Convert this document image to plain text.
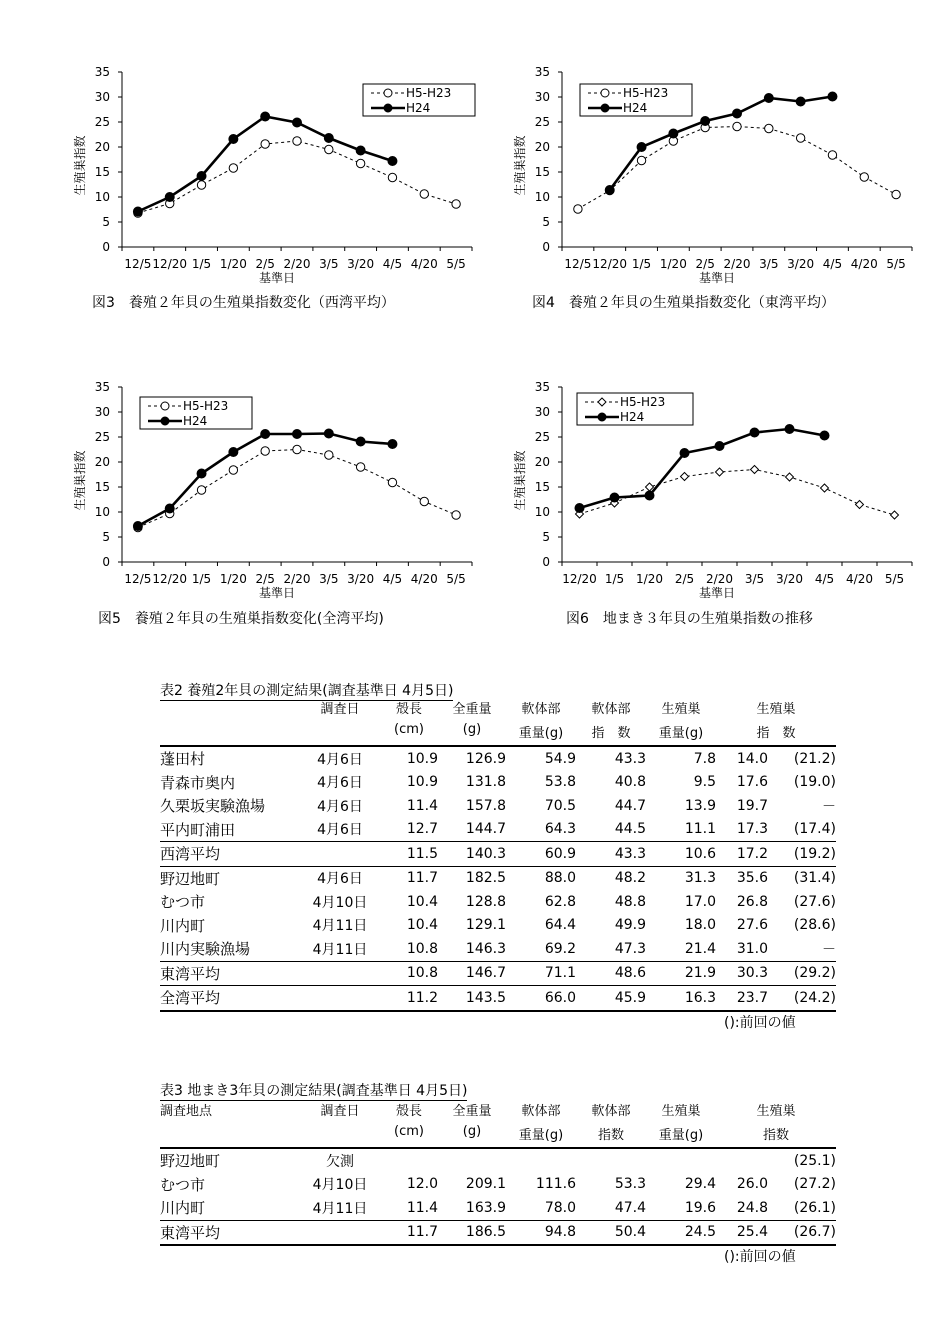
0
5
10
15
20
25
30
35
12/5 12/20 1/5 1/20 2/5 2/20 3/5 3/20 4/5 4/20 5/5
基準日
生殖巣指数
H5-H23
H24
0
5
10
15
20
25
30
35
12/5 12/20 1/5 1/20 2/5 2/20 3/5 3/20 4/5 4/20 5/5
基準日
生殖巣指数
H5-H23
H24
0
5
10
15
20
25
30
35
12/5 12/20 1/5 1/20 2/5 2/20 3/5 3/20 4/5 4/20 5/5
基準日
生殖巣指数
H5-H23
H24
0
5
10
15
20
25
30
35
12/20 1/5 1/20 2/5 2/20 3/5 3/20 4/5 4/20 5/5
基準日
生殖巣指数
H5-H23
H24
図3　養殖２年貝の生殖巣指数変化（西湾平均）	図4　養殖２年貝の生殖巣指数変化（東湾平均）
図5　養殖２年貝の生殖巣指数変化(全湾平均)	図6　地まき３年貝の生殖巣指数の推移
表2 養殖2年貝の測定結果(調査基準日 4月5日)
	調査日	殻長	全重量	軟体部	軟体部	生殖巣	生殖巣	
		(cm)	(g)	重量(g)	指　数	重量(g)	指　数	
蓬田村	4月6日	10.9	126.9	54.9	43.3	7.8	14.0	(21.2)
青森市奥内	4月6日	10.9	131.8	53.8	40.8	9.5	17.6	(19.0)
久栗坂実験漁場	4月6日	11.4	157.8	70.5	44.7	13.9	19.7	－
平内町浦田	4月6日	12.7	144.7	64.3	44.5	11.1	17.3	(17.4)
西湾平均		11.5	140.3	60.9	43.3	10.6	17.2	(19.2)
野辺地町	4月6日	11.7	182.5	88.0	48.2	31.3	35.6	(31.4)
むつ市	4月10日	10.4	128.8	62.8	48.8	17.0	26.8	(27.6)
川内町	4月11日	10.4	129.1	64.4	49.9	18.0	27.6	(28.6)
川内実験漁場	4月11日	10.8	146.3	69.2	47.3	21.4	31.0	－
東湾平均		10.8	146.7	71.1	48.6	21.9	30.3	(29.2)
全湾平均		11.2	143.5	66.0	45.9	16.3	23.7	(24.2)
():前回の値
表3 地まき3年貝の測定結果(調査基準日 4月5日)
調査地点	調査日	殻長	全重量	軟体部	軟体部	生殖巣	生殖巣	
		(cm)	(g)	重量(g)	指数	重量(g)	指数	
野辺地町	欠測							(25.1)
むつ市	4月10日	12.0	209.1	111.6	53.3	29.4	26.0	(27.2)
川内町	4月11日	11.4	163.9	78.0	47.4	19.6	24.8	(26.1)
東湾平均		11.7	186.5	94.8	50.4	24.5	25.4	(26.7)
():前回の値
